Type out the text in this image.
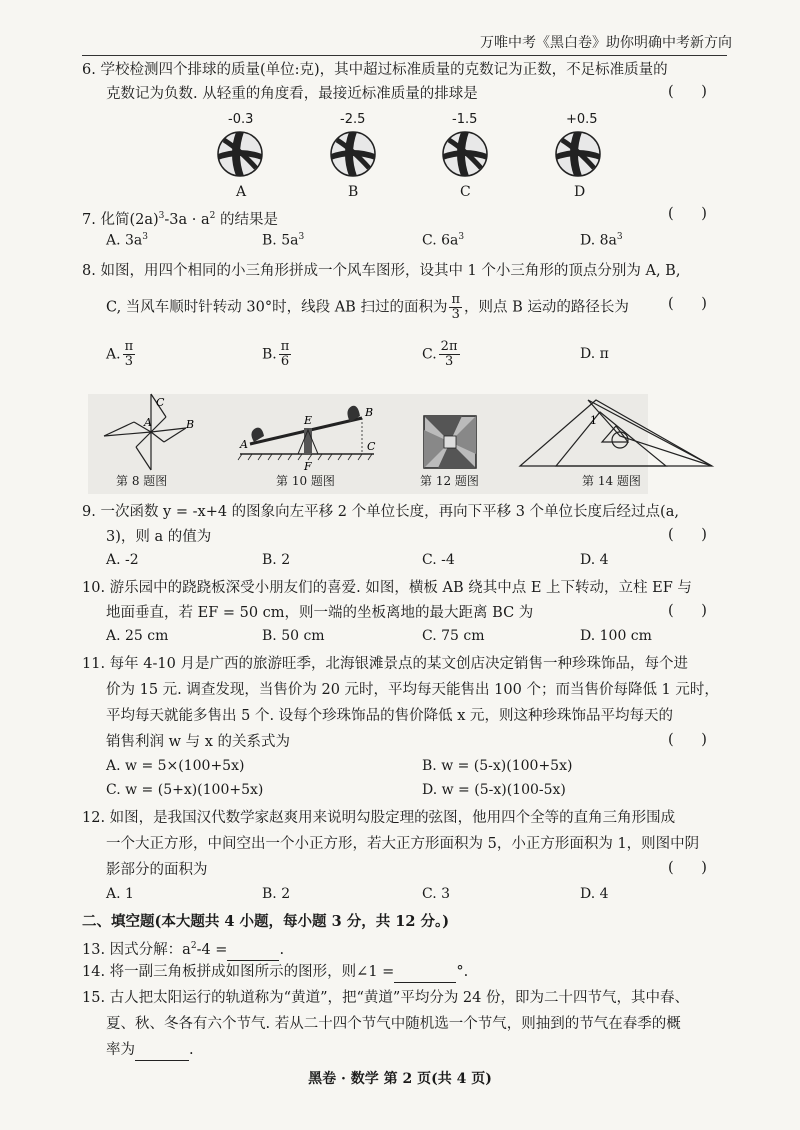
万唯中考《黑白卷》助你明确中考新方向
6. 学校检测四个排球的质量(单位:克)，其中超过标准质量的克数记为正数，不足标准质量的
克数记为负数. 从轻重的角度看，最接近标准质量的排球是	(      )
-0.3	-2.5	-1.5	+0.5
A	B	C	D
7. 化简$(2a)^3-3a \cdot a^2$ 的结果是	(      )
A. $3a^3$	B. $5a^3$	C. $6a^3$	D. $8a^3$
8. 如图，用四个相同的小三角形拼成一个风车图形，设其中 1 个小三角形的顶点分别为 A, B,
C, 当风车顺时针转动 30°时，线段 AB 扫过的面积为 $\frac{\pi}{3}$ ，则点 B 运动的路径长为	(      )
A. $\frac{\pi}{3}$	B. $\frac{\pi}{6}$	C. $\frac{2\pi}{3}$	D. π
C
A	B
第 8 题图
A
B
C
E
F
第 10 题图	第 12 题图
1
第 14 题图
9. 一次函数 y = -x+4 的图象向左平移 2 个单位长度，再向下平移 3 个单位长度后经过点(a,
3)，则 a 的值为	(      )
A. -2	B. 2	C. -4	D. 4
10. 游乐园中的跷跷板深受小朋友们的喜爱. 如图，横板 AB 绕其中点 E 上下转动，立柱 EF 与
地面垂直，若 EF = 50 cm，则一端的坐板离地的最大距离 BC 为	(      )
A. 25 cm	B. 50 cm	C. 75 cm	D. 100 cm
11. 每年 4-10 月是广西的旅游旺季，北海银滩景点的某文创店决定销售一种珍珠饰品，每个进
价为 15 元. 调查发现，当售价为 20 元时，平均每天能售出 100 个；而当售价每降低 1 元时，
平均每天就能多售出 5 个. 设每个珍珠饰品的售价降低 x 元，则这种珍珠饰品平均每天的
销售利润 w 与 x 的关系式为	(      )
A. w = 5×(100+5x)	B. w = (5-x)(100+5x)
C. w = (5+x)(100+5x)	D. w = (5-x)(100-5x)
12. 如图，是我国汉代数学家赵爽用来说明勾股定理的弦图，他用四个全等的直角三角形围成
一个大正方形，中间空出一个小正方形，若大正方形面积为 5，小正方形面积为 1，则图中阴
影部分的面积为	(      )
A. 1	B. 2	C. 3	D. 4
二、填空题(本大题共 4 小题，每小题 3 分，共 12 分。)
13. 因式分解：$a^2-4$ =	.
14. 将一副三角板拼成如图所示的图形，则∠1 =	°.
15. 古人把太阳运行的轨道称为“黄道”，把“黄道”平均分为 24 份，即为二十四节气，其中春、
夏、秋、冬各有六个节气. 若从二十四个节气中随机选一个节气，则抽到的节气在春季的概
率为	.
黑卷 · 数学 第 2 页(共 4 页)
